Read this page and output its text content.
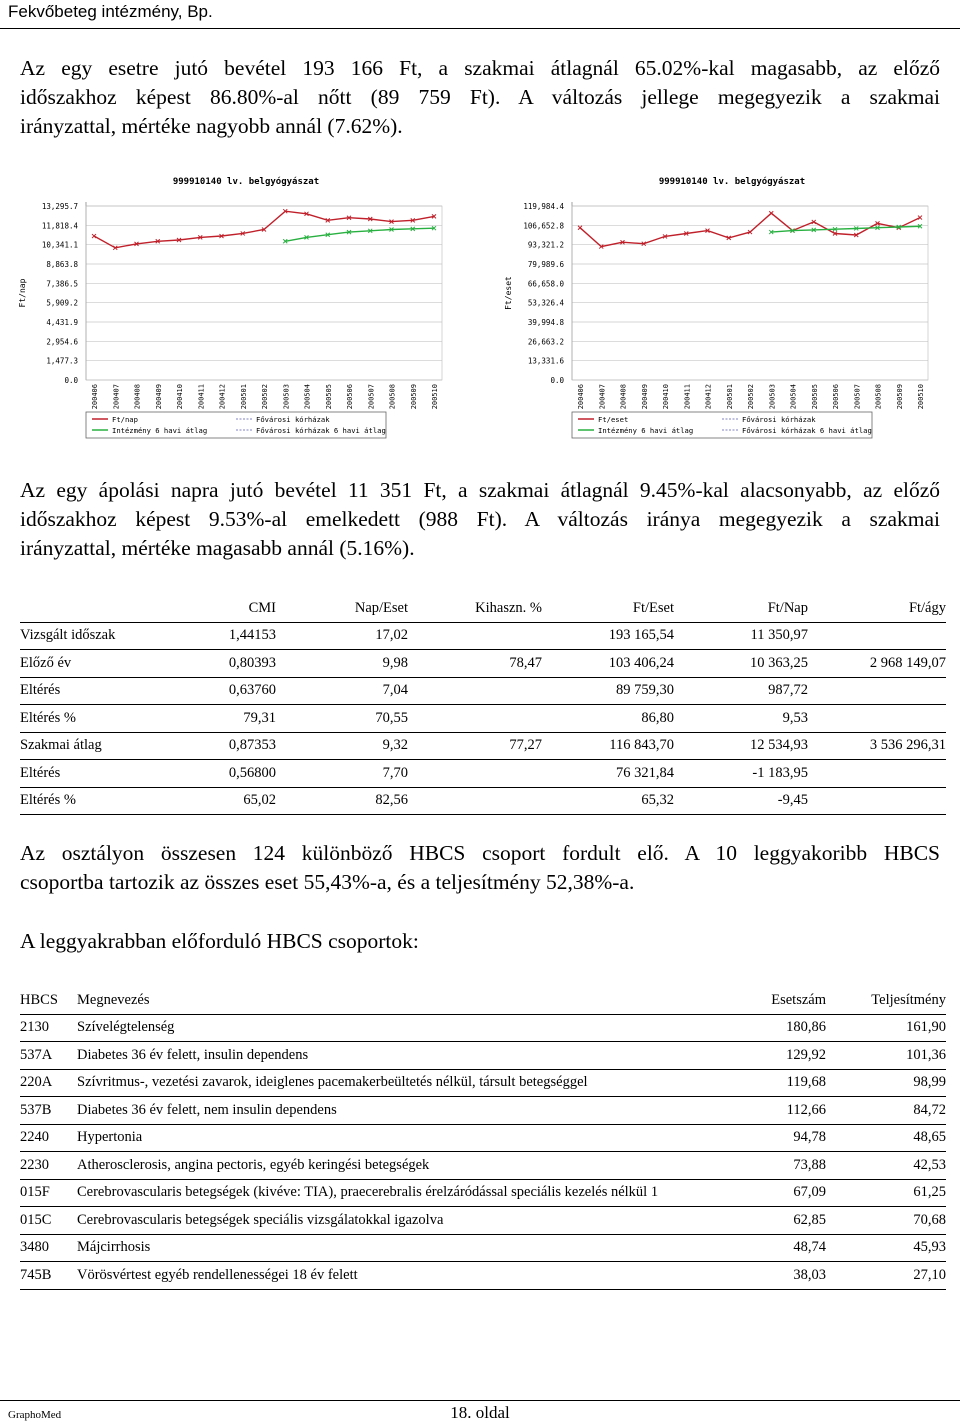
Fekvőbeteg intézmény, Bp.
Az egy esetre jutó bevétel 193 166 Ft, a szakmai átlagnál 65.02%-kal magasabb, az előző
időszakhoz képest 86.80%-al nőtt (89 759 Ft). A változás jellege megegyezik a szakmai
irányzattal, mértéke nagyobb annál (7.62%).
999910140 lv. belgyógyászat
Ft/nap
13,295.7
11,818.4
10,341.1
8,863.8
7,386.5
5,909.2
4,431.9
2,954.6
1,477.3
0.0
200406 200407 200408 200409 200410 200411 200412 200501 200502 200503 200504 200505 200506 200507 200508 200509 200510
Ft/nap
Intézmény 6 havi átlag
Fővárosi kórházak
Fővárosi kórházak 6 havi átlag
999910140 lv. belgyógyászat
Ft/eset
119,984.4
106,652.8
93,321.2
79,989.6
66,658.0
53,326.4
39,994.8
26,663.2
13,331.6
0.0
200406 200407 200408 200409 200410 200411 200412 200501 200502 200503 200504 200505 200506 200507 200508 200509 200510
Ft/eset
Intézmény 6 havi átlag
Fővárosi kórházak
Fővárosi kórházak 6 havi átlag
Az egy ápolási napra jutó bevétel 11 351 Ft, a szakmai átlagnál 9.45%-kal alacsonyabb, az előző
időszakhoz képest 9.53%-al emelkedett (988 Ft). A változás iránya megegyezik a szakmai
irányzattal, mértéke magasabb annál (5.16%).
	CMI	Nap/Eset	Kihaszn. %	Ft/Eset	Ft/Nap	Ft/ágy
Vizsgált időszak	1,44153	17,02		193 165,54	11 350,97	
Előző év	0,80393	9,98	78,47	103 406,24	10 363,25	2 968 149,07
Eltérés	0,63760	7,04		89 759,30	987,72	
Eltérés %	79,31	70,55		86,80	9,53	
Szakmai átlag	0,87353	9,32	77,27	116 843,70	12 534,93	3 536 296,31
Eltérés	0,56800	7,70		76 321,84	-1 183,95	
Eltérés %	65,02	82,56		65,32	-9,45	
Az osztályon összesen 124 különböző HBCS csoport fordult elő. A 10 leggyakoribb HBCS
csoportba tartozik az összes eset 55,43%-a, és a teljesítmény 52,38%-a.
A leggyakrabban előforduló HBCS csoportok:
HBCS	Megnevezés	Esetszám	Teljesítmény
2130	Szívelégtelenség	180,86	161,90
537A	Diabetes 36 év felett, insulin dependens	129,92	101,36
220A	Szívritmus-, vezetési zavarok, ideiglenes pacemakerbeültetés nélkül, társult betegséggel	119,68	98,99
537B	Diabetes 36 év felett, nem insulin dependens	112,66	84,72
2240	Hypertonia	94,78	48,65
2230	Atherosclerosis, angina pectoris, egyéb keringési betegségek	73,88	42,53
015F	Cerebrovascularis betegségek (kivéve: TIA), praecerebralis érelzáródással speciális kezelés nélkül 1	67,09	61,25
015C	Cerebrovascularis betegségek speciális vizsgálatokkal igazolva	62,85	70,68
3480	Májcirrhosis	48,74	45,93
745B	Vörösvértest egyéb rendellenességei 18 év felett	38,03	27,10
GraphoMed	18. oldal
